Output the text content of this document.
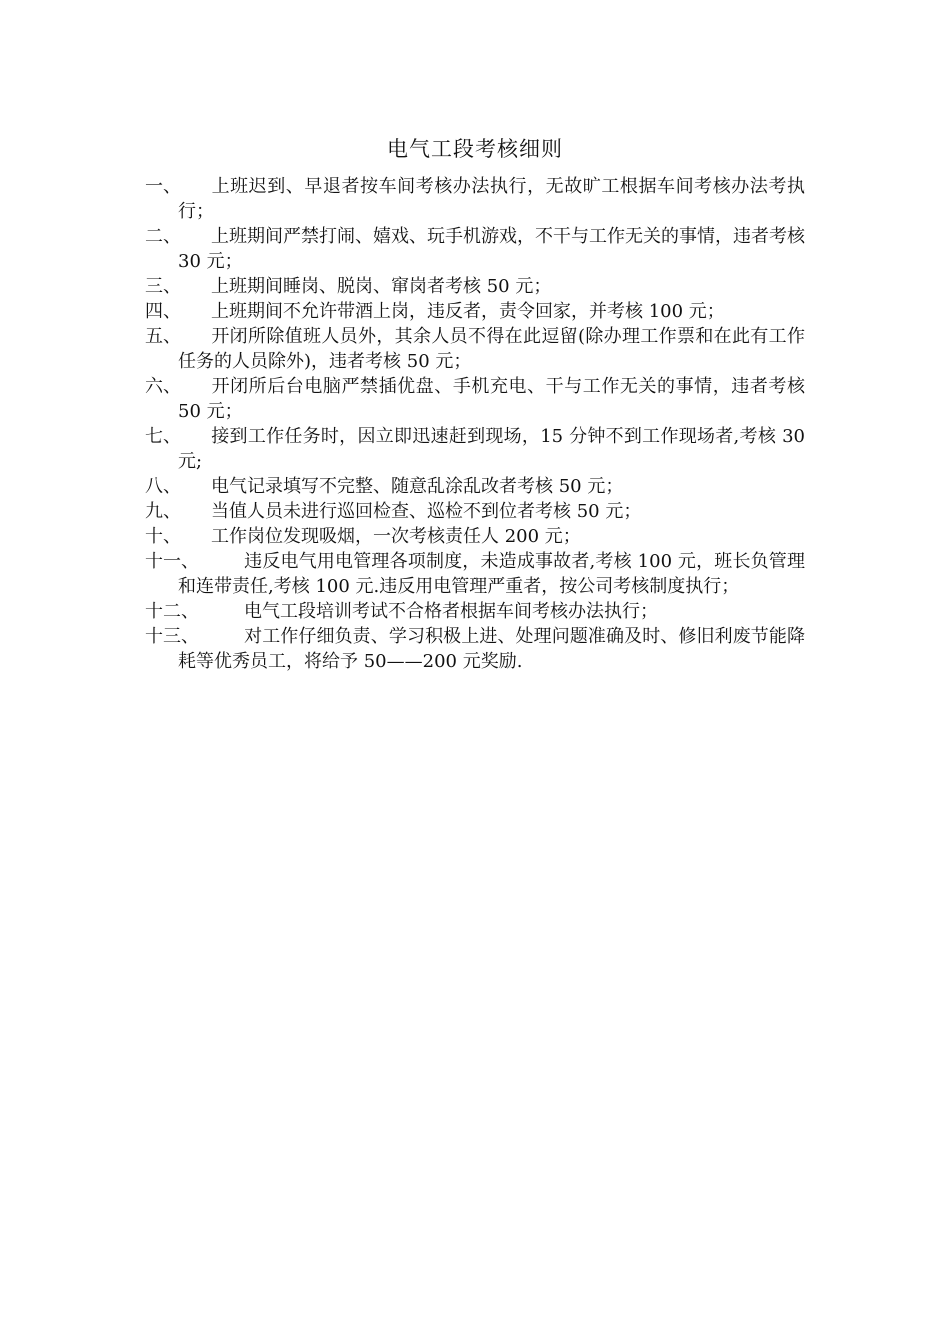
电气工段考核细则
一、 上班迟到、早退者按车间考核办法执行，无故旷工根据车间考核办法考执行；
二、 上班期间严禁打闹、嬉戏、玩手机游戏，不干与工作无关的事情，违者考核 30 元；
三、 上班期间睡岗、脱岗、窜岗者考核 50 元；
四、 上班期间不允许带酒上岗，违反者，责令回家，并考核 100 元；
五、 开闭所除值班人员外，其余人员不得在此逗留(除办理工作票和在此有工作任务的人员除外)，违者考核 50 元；
六、 开闭所后台电脑严禁插优盘、手机充电、干与工作无关的事情，违者考核 50 元；
七、 接到工作任务时，因立即迅速赶到现场，15 分钟不到工作现场者,考核 30 元;
八、 电气记录填写不完整、随意乱涂乱改者考核 50 元；
九、 当值人员未进行巡回检查、巡检不到位者考核 50 元；
十、 工作岗位发现吸烟，一次考核责任人 200 元；
十一、	违反电气用电管理各项制度，未造成事故者,考核 100 元，班长负管理和连带责任,考核 100 元.违反用电管理严重者，按公司考核制度执行；
十二、	电气工段培训考试不合格者根据车间考核办法执行；
十三、	对工作仔细负责、学习积极上进、处理问题准确及时、修旧利废节能降耗等优秀员工，将给予 50——200 元奖励.
